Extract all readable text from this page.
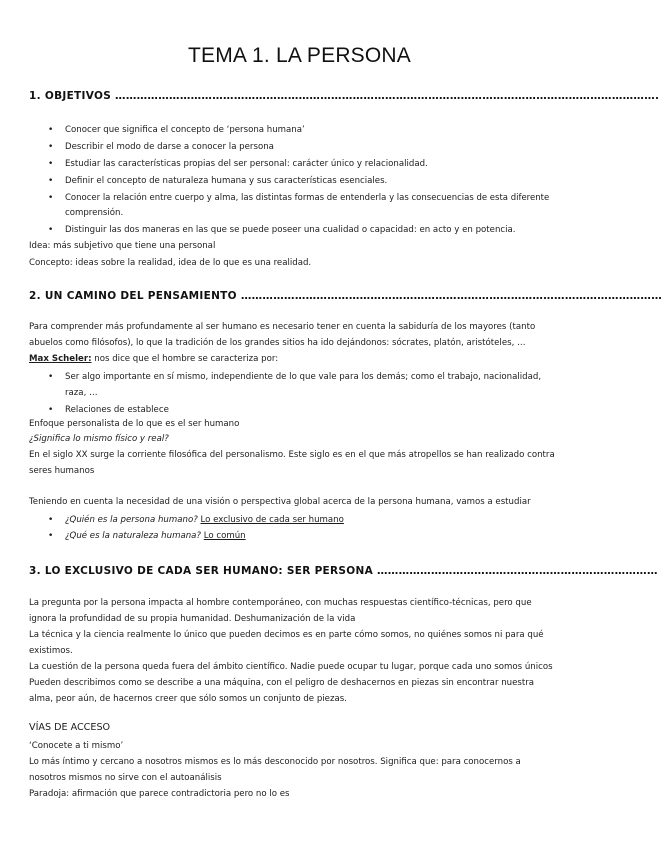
TEMA 1. LA PERSONA
1. OBJETIVOS …………………………………………………………………………………………………………………………………….
• Conocer que significa el concepto de ‘persona humana’
• Describir el modo de darse a conocer la persona
• Estudiar las características propias del ser personal: carácter único y relacionalidad.
• Definir el concepto de naturaleza humana y sus características esenciales.
• Conocer la relación entre cuerpo y alma, las distintas formas de entenderla y las consecuencias de esta diferente
comprensión.
• Distinguir las dos maneras en las que se puede poseer una cualidad o capacidad: en acto y en potencia.
Idea: más subjetivo que tiene una personal
Concepto: ideas sobre la realidad, idea de lo que es una realidad.
2. UN CAMINO DEL PENSAMIENTO ………………………………………………………………………………………………………
Para comprender más profundamente al ser humano es necesario tener en cuenta la sabiduría de los mayores (tanto
abuelos como filósofos), lo que la tradición de los grandes sitios ha ido dejándonos: sócrates, platón, aristóteles, …
Max Scheler: nos dice que el hombre se caracteriza por:
• Ser algo importante en sí mismo, independiente de lo que vale para los demás; como el trabajo, nacionalidad,
raza, …
• Relaciones de establece
Enfoque personalista de lo que es el ser humano
¿Significa lo mismo físico y real?
En el siglo XX surge la corriente filosófica del personalismo. Este siglo es en el que más atropellos se han realizado contra
seres humanos
Teniendo en cuenta la necesidad de una visión o perspectiva global acerca de la persona humana, vamos a estudiar
• ¿Quién es la persona humano? Lo exclusivo de cada ser humano
• ¿Qué es la naturaleza humana? Lo común
3. LO EXCLUSIVO DE CADA SER HUMANO: SER PERSONA ……………………………………………………………………
La pregunta por la persona impacta al hombre contemporáneo, con muchas respuestas científico-técnicas, pero que
ignora la profundidad de su propia humanidad. Deshumanización de la vida
La técnica y la ciencia realmente lo único que pueden decimos es en parte cómo somos, no quiénes somos ni para qué
existimos.
La cuestión de la persona queda fuera del ámbito científico. Nadie puede ocupar tu lugar, porque cada uno somos únicos
Pueden describimos como se describe a una máquina, con el peligro de deshacernos en piezas sin encontrar nuestra
alma, peor aún, de hacernos creer que sólo somos un conjunto de piezas.
VÍAS DE ACCESO
‘Conocete a ti mismo’
Lo más íntimo y cercano a nosotros mismos es lo más desconocido por nosotros. Significa que: para conocernos a
nosotros mismos no sirve con el autoanálisis
Paradoja: afirmación que parece contradictoria pero no lo es
